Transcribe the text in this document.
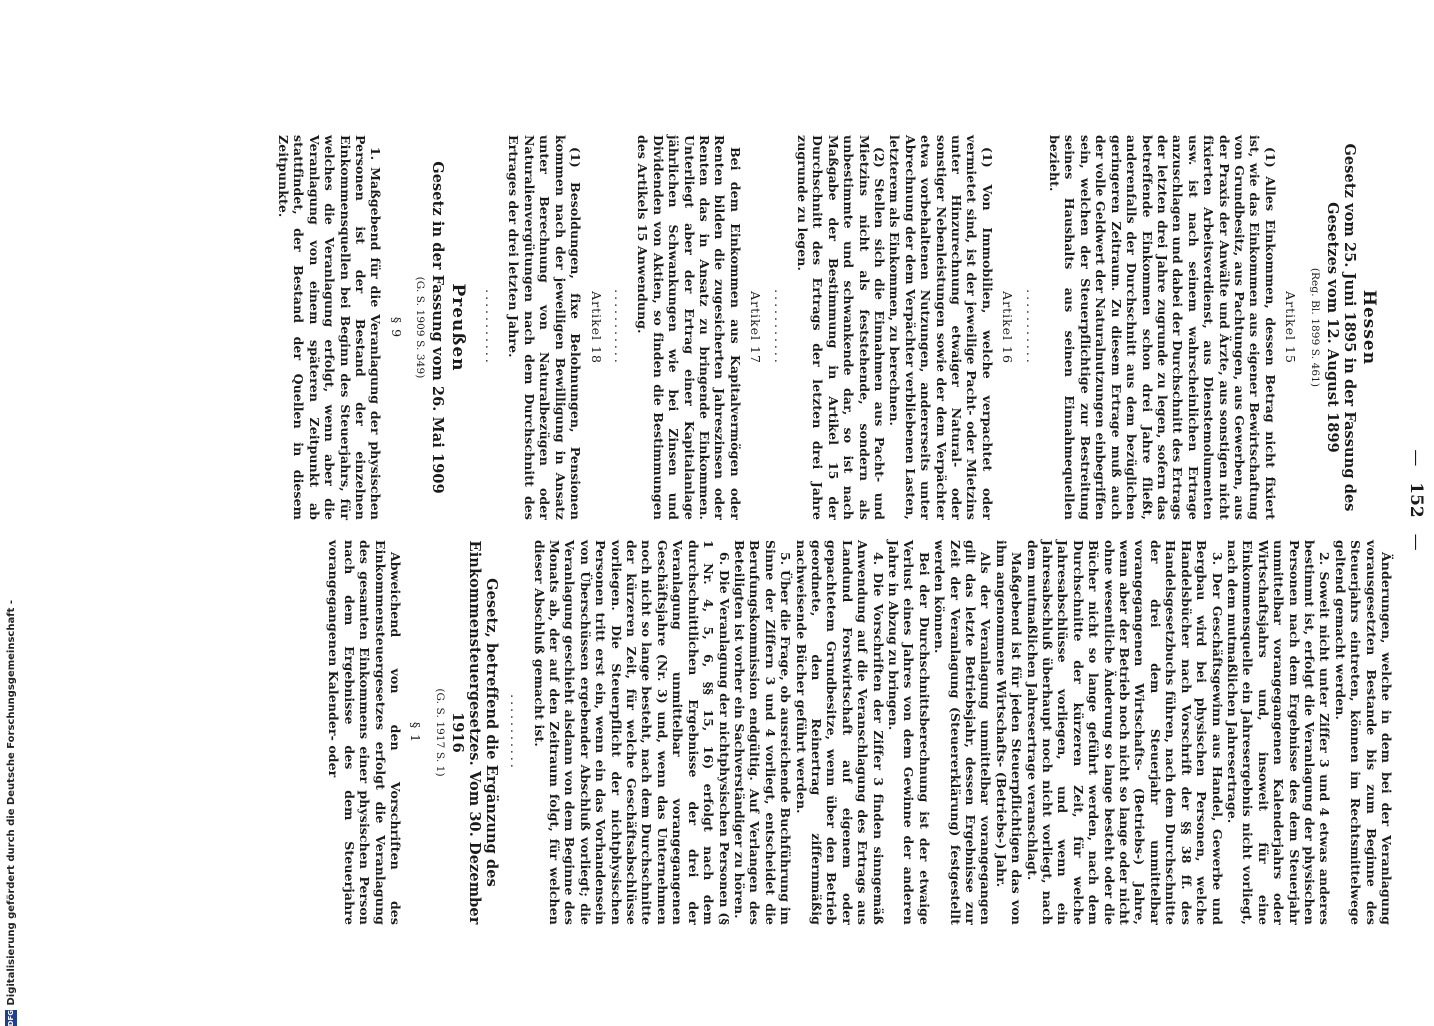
— 152 —
Hessen
Gesetz vom 25. Juni 1895 in der Fassung des Gesetzes vom 12. August 1899
(Reg. Bl. 1899 S. 461)
Artikel 15

(1) Alles Einkommen, dessen Betrag nicht fixiert ist, wie das Einkommen aus eigener Bewirtschaftung von Grundbesitz, aus Pachtungen, aus Gewerben, aus der Praxis der Anwälte und Ärzte, aus sonstigen nicht fixierten Arbeitsverdienst, aus Dienstemolumenten usw. ist nach seinem wahrscheinlichen Ertrage anzuschlagen und dabei der Durchschnitt des Ertrags der letzten drei Jahre zugrunde zu legen, sofern das betreffende Einkommen schon drei Jahre fließt, anderenfalls der Durchschnitt aus dem bezüglichen geringeren Zeitraum. Zu diesem Ertrage muß auch der volle Geldwert der Naturalnutzungen einbegriffen sein, welchen der Steuerpflichtige zur Bestreitung seines Haushalts aus seinen Einnahmequellen bezieht.

...........
Artikel 16

(1) Von Immobilien, welche verpachtet oder vermietet sind, ist der jeweilige Pacht- oder Mietzins unter Hinzurechnung etwaiger Natural- oder sonstiger Nebenleistungen sowie der dem Verpächter etwa vorbehaltenen Nutzungen, andererseits unter Abrechnung der dem Verpächter verbliebenen Lasten, letzterem als Einkommen, zu berechnen.

(2) Stellen sich die Einnahmen aus Pacht- und Mietzins nicht als feststehende, sondern als unbestimmte und schwankende dar, so ist nach Maßgabe der Bestimmung in Artikel 15 der Durchschnitt des Ertrags der letzten drei Jahre zugrunde zu legen.

...........
Artikel 17

Bei dem Einkommen aus Kapitalvermögen oder Renten bilden die zugesicherten Jahreszinsen oder Renten das in Ansatz zu bringende Einkommen. Unterliegt aber der Ertrag einer Kapitalanlage jährlichen Schwankungen wie bei Zinsen und Dividenden von Aktien, so finden die Bestimmungen des Artikels 15 Anwendung.

...........
Artikel 18

(1) Besoldungen, fixe Belohnungen, Pensionen kommen nach der jeweiligen Bewilligung in Ansatz unter Berechnung von Naturalbezügen oder Naturalienvergütungen nach dem Durchschnitt des Ertrages der drei letzten Jahre.

...........
Preußen
Gesetz in der Fassung vom 26. Mai 1909
(G. S. 1909 S. 349)
§ 9

1. Maßgebend für die Veranlagung der physischen Personen ist der Bestand der einzelnen Einkommensquellen bei Beginn des Steuerjahrs, für welches die Veranlagung erfolgt, wenn aber die Veranlagung von einem späteren Zeitpunkt ab stattfindet, der Bestand der Quellen in diesem Zeitpunkte.

Änderungen, welche in dem bei der Veranlagung vorausgesetzten Bestande bis zum Beginne des Steuerjahrs eintreten, können im Rechtsmittelwege geltend gemacht werden.

2. Soweit nicht unter Ziffer 3 und 4 etwas anderes bestimmt ist, erfolgt die Veranlagung der physischen Personen nach dem Ergebnisse des dem Steuerjahr unmittelbar vorangegangenen Kalenderjahrs oder Wirtschaftsjahrs und, insoweit für eine Einkommensquelle ein Jahresergebnis nicht vorliegt, nach dem mutmaßlichen Jahresertrage.

3. Der Geschäftsgewinn aus Handel, Gewerbe und Bergbau wird bei physischen Personen, welche Handelsbücher nach Vorschrift der §§ 38 ff. des Handelsgesetzbuchs führen, nach dem Durchschnitte der drei dem Steuerjahr unmittelbar vorangegangenen Wirtschafts- (Betriebs-) Jahre, wenn aber der Betrieb noch nicht so lange oder nicht ohne wesentliche Änderung so lange besteht oder die Bücher nicht so lange geführt werden, nach dem Durchschnitte der kürzeren Zeit, für welche Jahresabschlüsse vorliegen, und wenn ein Jahresabschluß überhaupt noch nicht vorliegt, nach dem mutmaßlichen Jahresertrage veranschlagt.

Maßgebend ist für jeden Steuerpflichtigen das von ihm angenommene Wirtschafts- (Betriebs-) Jahr.

Als der Veranlagung unmittelbar vorangegangen gilt das letzte Betriebsjahr, dessen Ergebnisse zur Zeit der Veranlagung (Steuererklärung) festgestellt werden können.

Bei der Durchschnittsberechnung ist der etwaige Verlust eines Jahres von dem Gewinne der anderen Jahre in Abzug zu bringen.

4. Die Vorschriften der Ziffer 3 finden sinngemäß Anwendung auf die Veranschlagung des Ertrags aus Landund Forstwirtschaft auf eigenem oder gepachtetem Grundbesitze, wenn über den Betrieb geordnete, den Reinertrag ziffernmäßig nachweisende Bücher geführt werden.

5. Über die Frage, ob ausreichende Buchführung im Sinne der Ziffern 3 und 4 vorliegt, entscheidet die Berufungskommission endgültig. Auf Verlangen des Beteiligten ist vorher ein Sachverständiger zu hören.

6. Die Veranlagung der nichtphysischen Personen (§ 1 Nr. 4, 5, 6, §§ 15, 16) erfolgt nach dem durchschnittlichen Ergebnisse der drei der Veranlagung unmittelbar vorangegangenen Geschäftsjahre (Nr. 3) und, wenn das Unternehmen noch nicht so lange besteht, nach dem Durchschnitte der kürzeren Zeit, für welche Geschäftsabschlüsse vorliegen. Die Steuerpflicht der nichtphysischen Personen tritt erst ein, wenn ein das Vorhandensein von Überschüssen ergebender Abschluß vorliegt; die Veranlagung geschieht alsdann von dem Beginne des Monats ab, der auf den Zeitraum folgt, für welchen dieser Abschluß gemacht ist.

...........
Gesetz, betreffend die Ergänzung des Einkommensteuergesetzes. Vom 30. Dezember 1916
(G. S. 1917 S. 1)
§ 1

Abweichend von den Vorschriften des Einkommensteuergesetzes erfolgt die Veranlagung des gesamten Einkommens einer physischen Person nach dem Ergebnisse des dem Steuerjahre vorangegangenen Kalender- oder

Digitalisierung gefördert durch die Deutsche Forschungsgemeinschaft -
DFG
